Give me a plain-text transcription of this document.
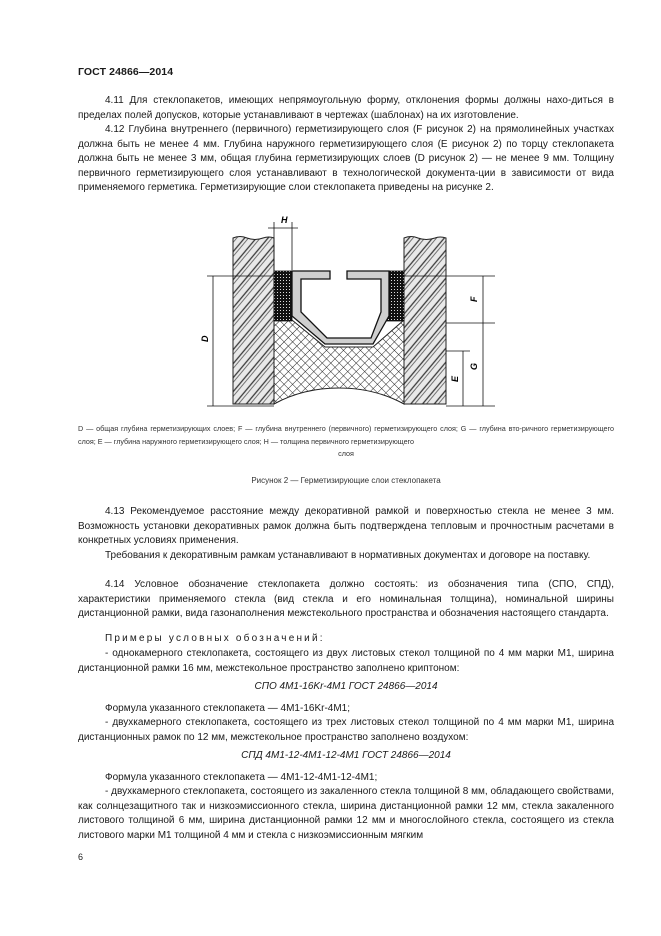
ГОСТ 24866—2014

4.11 Для стеклопакетов, имеющих непрямоугольную форму, отклонения формы должны нахо-диться в пределах полей допусков, которые устанавливают в чертежах (шаблонах) на их изготовление.

4.12 Глубина внутреннего (первичного) герметизирующего слоя (F рисунок 2) на прямолинейных участках должна быть не менее 4 мм. Глубина наружного герметизирующего слоя (E рисунок 2) по торцу стеклопакета должна быть не менее 3 мм, общая глубина герметизирующих слоев (D рисунок 2) — не менее 9 мм. Толщину первичного герметизирующего слоя устанавливают в технологической документа-ции в зависимости от вида применяемого герметика. Герметизирующие слои стеклопакета приведены на рисунке 2.

H
D
F
G
E
D — общая глубина герметизирующих слоев; F — глубина внутреннего (первичного) герметизирующего слоя; G — глубина вто-ричного герметизирующего слоя; E — глубина наружного герметизирующего слоя; H — толщина первичного герметизирующего
слоя
Рисунок 2 — Герметизирующие слои стеклопакета

4.13 Рекомендуемое расстояние между декоративной рамкой и поверхностью стекла не менее 3 мм. Возможность установки декоративных рамок должна быть подтверждена тепловым и прочностным расчетами в конкретных условиях применения.

Требования к декоративным рамкам устанавливают в нормативных документах и договоре на поставку.

4.14 Условное обозначение стеклопакета должно состоять: из обозначения типа (СПО, СПД), характеристики применяемого стекла (вид стекла и его номинальная толщина), номинальной ширины дистанционной рамки, вида газонаполнения межстекольного пространства и обозначения настоящего стандарта.

Примеры условных обозначений:

- однокамерного стеклопакета, состоящего из двух листовых стекол толщиной по 4 мм марки М1, ширина дистанционной рамки 16 мм, межстекольное пространство заполнено криптоном:

СПО 4М1-16Kr-4М1 ГОСТ 24866—2014

Формула указанного стеклопакета — 4М1-16Kr-4М1;

- двухкамерного стеклопакета, состоящего из трех листовых стекол толщиной по 4 мм марки М1, ширина дистанционных рамок по 12 мм, межстекольное пространство заполнено воздухом:

СПД 4М1-12-4М1-12-4М1 ГОСТ 24866—2014

Формула указанного стеклопакета — 4М1-12-4М1-12-4М1;

- двухкамерного стеклопакета, состоящего из закаленного стекла толщиной 8 мм, обладающего свойствами, как солнцезащитного так и низкоэмиссионного стекла, ширина дистанционной рамки 12 мм, стекла закаленного листового толщиной 6 мм, ширина дистанционной рамки 12 мм и многослойного стекла, состоящего из стекла листового марки М1 толщиной 4 мм и стекла с низкоэмиссионным мягким

6
